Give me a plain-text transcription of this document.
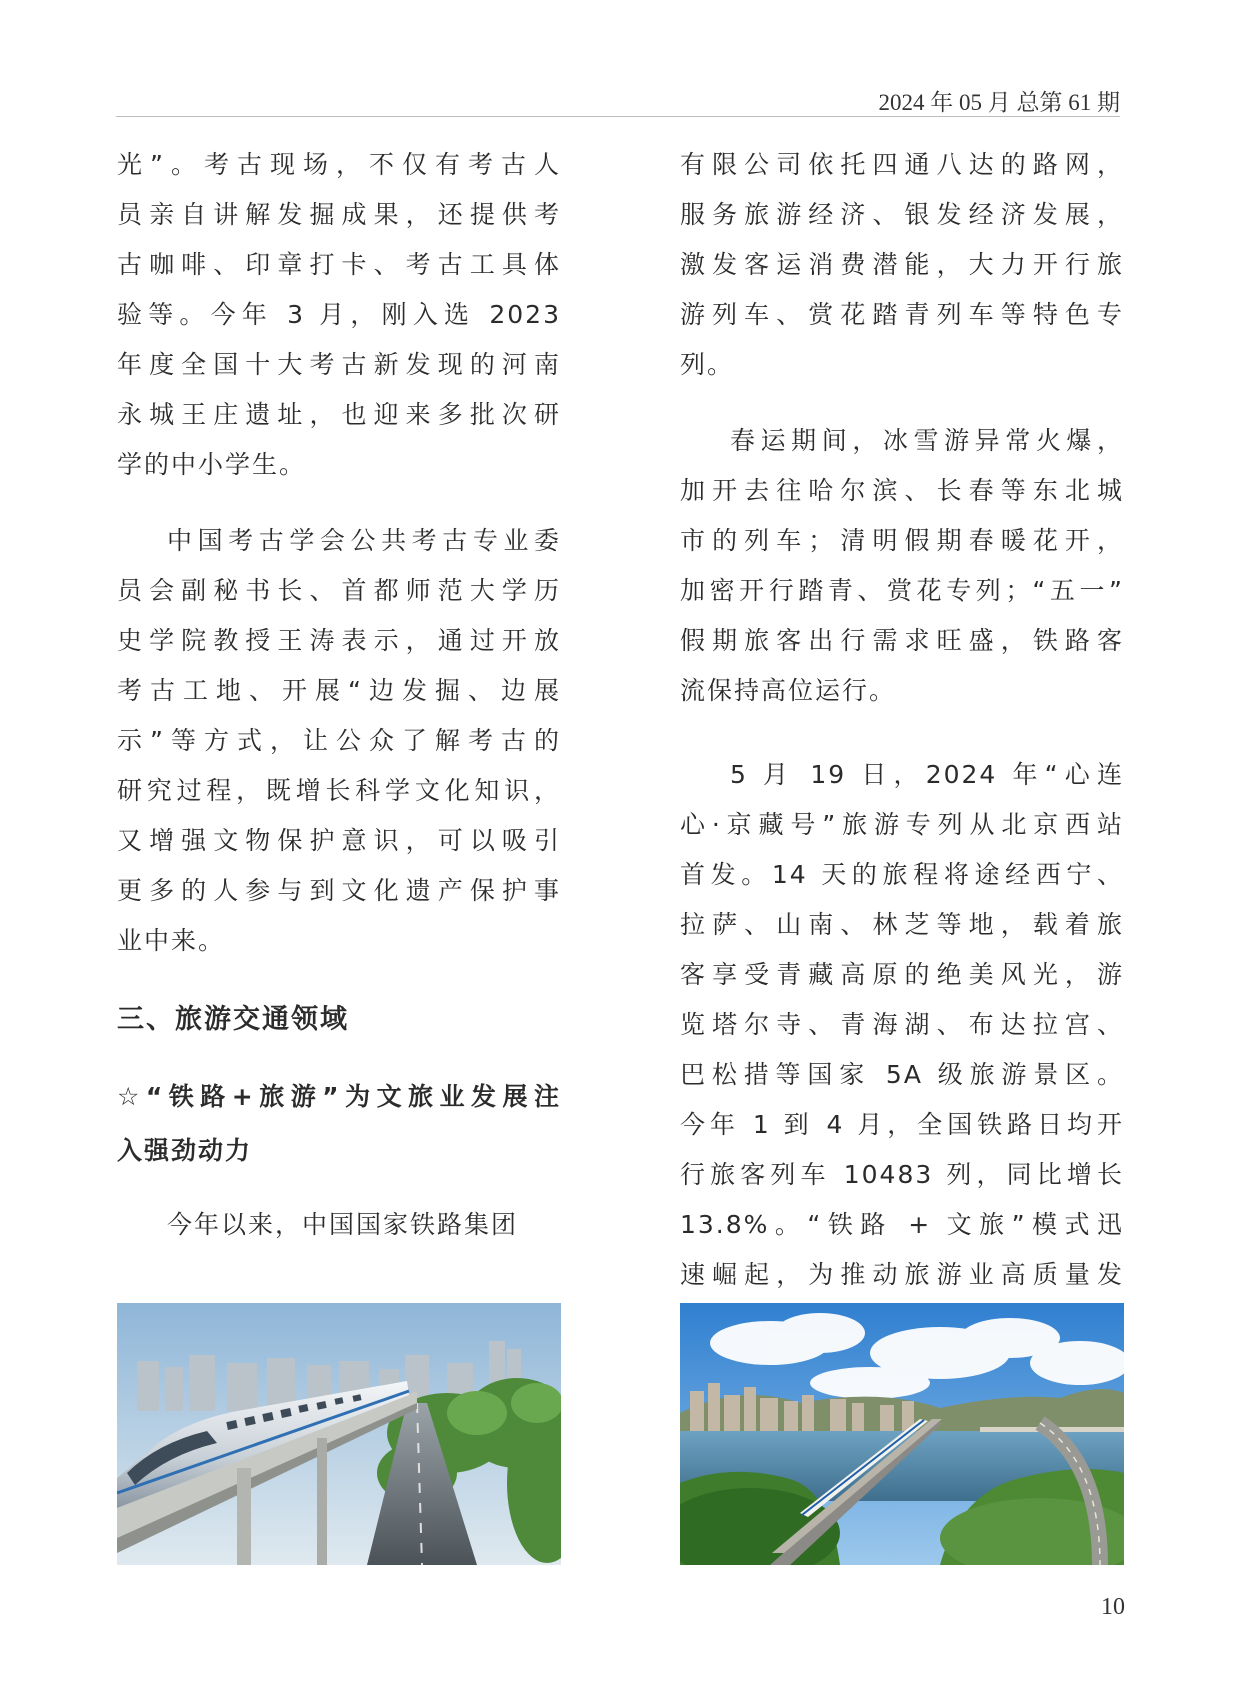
2024 年 05 月 总第 61 期
光”。考古现场，不仅有考古人
员亲自讲解发掘成果，还提供考
古咖啡、印章打卡、考古工具体
验等。今年 3 月，刚入选 2023
年度全国十大考古新发现的河南
永城王庄遗址，也迎来多批次研
学的中小学生。
中国考古学会公共考古专业委
员会副秘书长、首都师范大学历
史学院教授王涛表示，通过开放
考古工地、开展“边发掘、边展
示”等方式，让公众了解考古的
研究过程，既增长科学文化知识，
又增强文物保护意识，可以吸引
更多的人参与到文化遗产保护事
业中来。
三、旅游交通领域
☆“铁路+旅游”为文旅业发展注
入强劲动力
今年以来，中国国家铁路集团
有限公司依托四通八达的路网，
服务旅游经济、银发经济发展，
激发客运消费潜能，大力开行旅
游列车、赏花踏青列车等特色专
列。
春运期间，冰雪游异常火爆，
加开去往哈尔滨、长春等东北城
市的列车；清明假期春暖花开，
加密开行踏青、赏花专列；“五一”
假期旅客出行需求旺盛，铁路客
流保持高位运行。
5 月 19 日，2024 年“心连
心·京藏号”旅游专列从北京西站
首发。14 天的旅程将途经西宁、
拉萨、山南、林芝等地，载着旅
客享受青藏高原的绝美风光，游
览塔尔寺、青海湖、布达拉宫、
巴松措等国家 5A 级旅游景区。
今年 1 到 4 月，全国铁路日均开
行旅客列车 10483 列，同比增长
13.8%。“铁路 + 文旅”模式迅
速崛起，为推动旅游业高质量发
10
